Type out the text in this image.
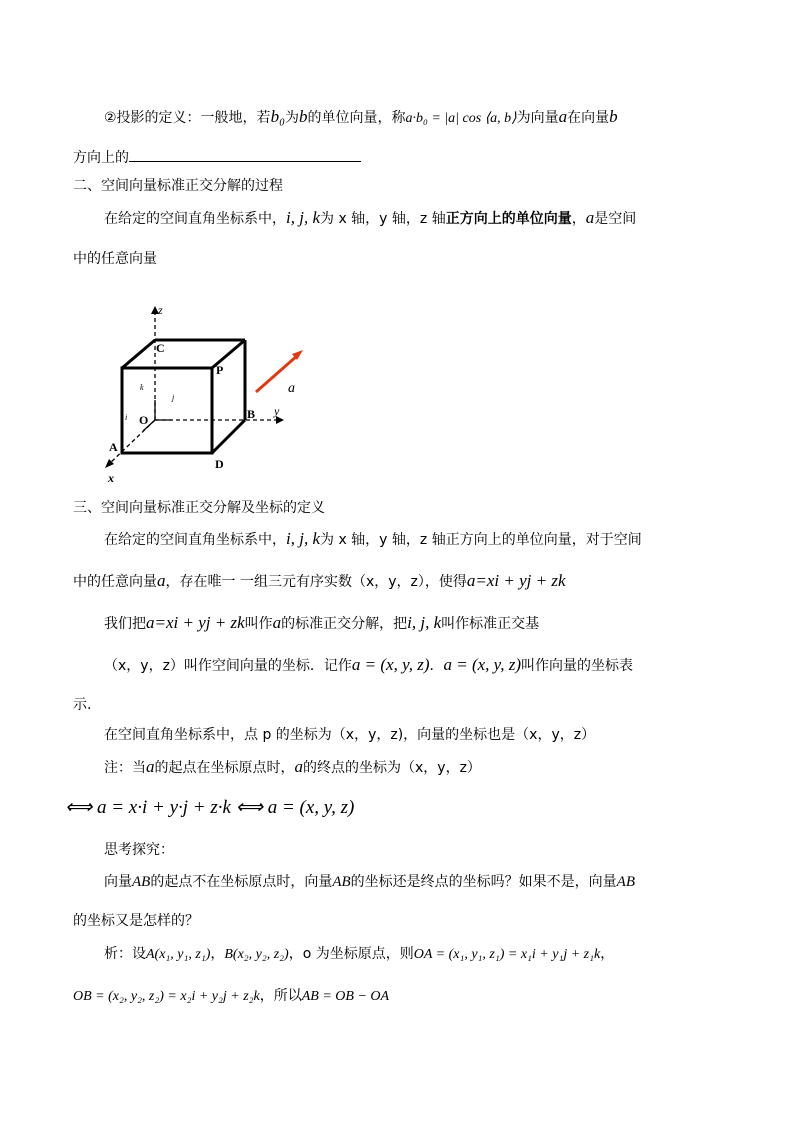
②投影的定义：一般地，若b₀为b的单位向量，称a·b₀ = |a| cos ⟨a, b⟩为向量a在向量b
方向上的
二、空间向量标准正交分解的过程
在给定的空间直角坐标系中，i, j, k为 x 轴，y 轴，z 轴正方向上的单位向量，a是空间
中的任意向量
z
C
P
O	B y
A
D
x
a
k
j
i
三、空间向量标准正交分解及坐标的定义
在给定的空间直角坐标系中，i, j, k为 x 轴，y 轴，z 轴正方向上的单位向量，对于空间
中的任意向量a，存在唯一 一组三元有序实数（x，y，z），使得a=xi + yj + zk
我们把a=xi + yj + zk叫作a的标准正交分解，把i, j, k叫作标准正交基
（x，y，z）叫作空间向量的坐标．记作a = (x, y, z)．a = (x, y, z)叫作向量的坐标表
示.
在空间直角坐标系中，点 p 的坐标为（x，y，z)，向量的坐标也是（x，y，z）
注：当a的起点在坐标原点时，a的终点的坐标为（x，y，z）
⟺ a = x·i + y·j + z·k ⟺ a = (x, y, z)
思考探究：
向量AB的起点不在坐标原点时，向量AB的坐标还是终点的坐标吗？如果不是，向量AB
的坐标又是怎样的？
析：设A(x₁, y₁, z₁)，B(x₂, y₂, z₂)，o 为坐标原点，则OA = (x₁, y₁, z₁) = x₁i + y₁j + z₁k，
OB = (x₂, y₂, z₂) = x₂i + y₂j + z₂k，所以AB = OB − OA
